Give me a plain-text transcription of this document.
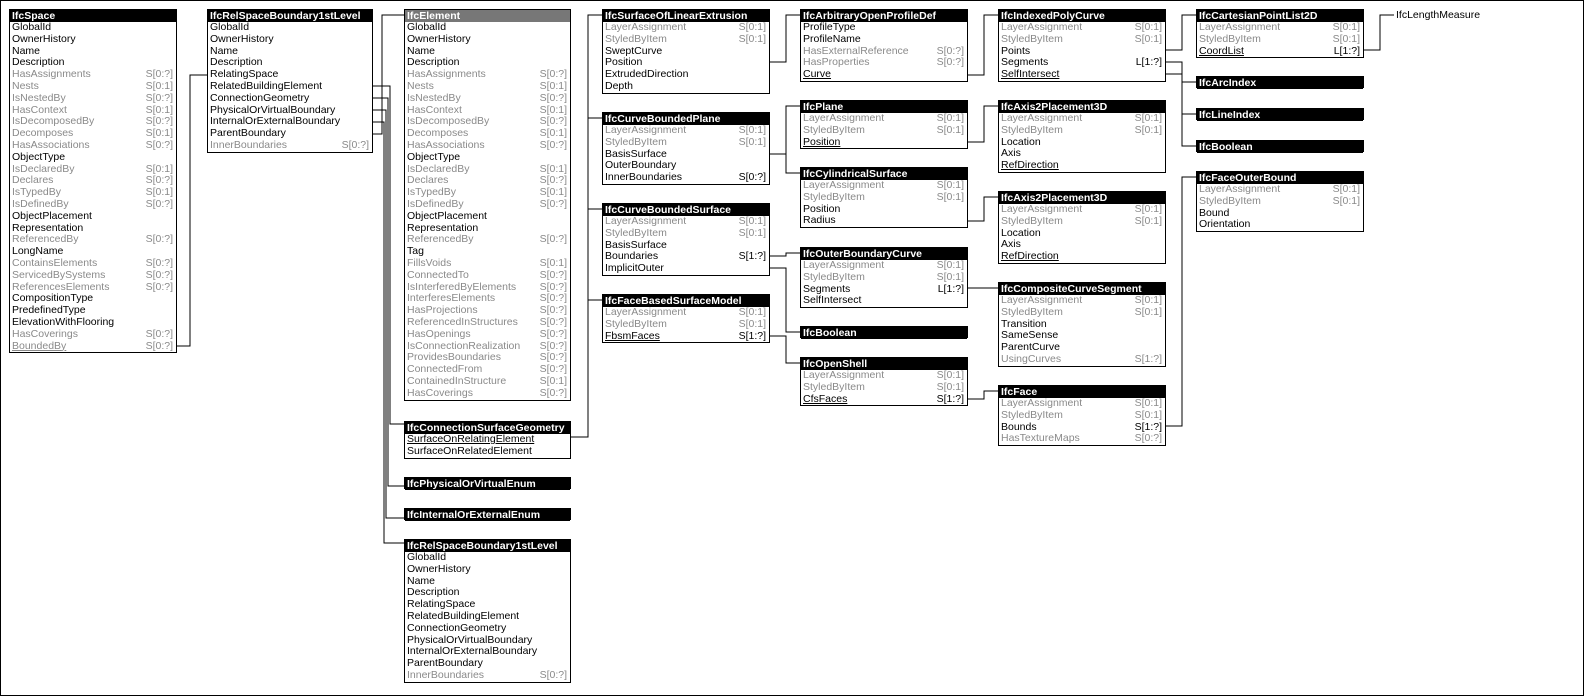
IfcSpace
GlobalId
OwnerHistory
Name
Description
HasAssignments	S[0:?]
Nests	S[0:1]
IsNestedBy	S[0:?]
HasContext	S[0:1]
IsDecomposedBy	S[0:?]
Decomposes	S[0:1]
HasAssociations	S[0:?]
ObjectType
IsDeclaredBy	S[0:1]
Declares	S[0:?]
IsTypedBy	S[0:1]
IsDefinedBy	S[0:?]
ObjectPlacement
Representation
ReferencedBy	S[0:?]
LongName
ContainsElements	S[0:?]
ServicedBySystems	S[0:?]
ReferencesElements	S[0:?]
CompositionType
PredefinedType
ElevationWithFlooring
HasCoverings	S[0:?]
BoundedBy	S[0:?]
IfcRelSpaceBoundary1stLevel
GlobalId
OwnerHistory
Name
Description
RelatingSpace
RelatedBuildingElement
ConnectionGeometry
PhysicalOrVirtualBoundary
InternalOrExternalBoundary
ParentBoundary
InnerBoundaries	S[0:?]
IfcElement
GlobalId
OwnerHistory
Name
Description
HasAssignments	S[0:?]
Nests	S[0:1]
IsNestedBy	S[0:?]
HasContext	S[0:1]
IsDecomposedBy	S[0:?]
Decomposes	S[0:1]
HasAssociations	S[0:?]
ObjectType
IsDeclaredBy	S[0:1]
Declares	S[0:?]
IsTypedBy	S[0:1]
IsDefinedBy	S[0:?]
ObjectPlacement
Representation
ReferencedBy	S[0:?]
Tag
FillsVoids	S[0:1]
ConnectedTo	S[0:?]
IsInterferedByElements S[0:?]
InterferesElements	S[0:?]
HasProjections	S[0:?]
ReferencedInStructures S[0:?]
HasOpenings	S[0:?]
IsConnectionRealization S[0:?]
ProvidesBoundaries	S[0:?]
ConnectedFrom	S[0:?]
ContainedInStructure	S[0:1]
HasCoverings	S[0:?]
IfcConnectionSurfaceGeometry
SurfaceOnRelatingElement
SurfaceOnRelatedElement
IfcPhysicalOrVirtualEnum
IfcInternalOrExternalEnum
IfcRelSpaceBoundary1stLevel
GlobalId
OwnerHistory
Name
Description
RelatingSpace
RelatedBuildingElement
ConnectionGeometry
PhysicalOrVirtualBoundary
InternalOrExternalBoundary
ParentBoundary
InnerBoundaries	S[0:?]
IfcSurfaceOfLinearExtrusion
LayerAssignment	S[0:1]
StyledByItem	S[0:1]
SweptCurve
Position
ExtrudedDirection
Depth
IfcCurveBoundedPlane
LayerAssignment	S[0:1]
StyledByItem	S[0:1]
BasisSurface
OuterBoundary
InnerBoundaries	S[0:?]
IfcCurveBoundedSurface
LayerAssignment	S[0:1]
StyledByItem	S[0:1]
BasisSurface
Boundaries	S[1:?]
ImplicitOuter
IfcFaceBasedSurfaceModel
LayerAssignment	S[0:1]
StyledByItem	S[0:1]
FbsmFaces	S[1:?]
IfcArbitraryOpenProfileDef
ProfileType
ProfileName
HasExternalReference	S[0:?]
HasProperties	S[0:?]
Curve
IfcPlane
LayerAssignment	S[0:1]
StyledByItem	S[0:1]
Position
IfcCylindricalSurface
LayerAssignment	S[0:1]
StyledByItem	S[0:1]
Position
Radius
IfcOuterBoundaryCurve
LayerAssignment	S[0:1]
StyledByItem	S[0:1]
Segments	L[1:?]
SelfIntersect
IfcBoolean
IfcOpenShell
LayerAssignment	S[0:1]
StyledByItem	S[0:1]
CfsFaces	S[1:?]
IfcIndexedPolyCurve
LayerAssignment	S[0:1]
StyledByItem	S[0:1]
Points
Segments	L[1:?]
SelfIntersect
IfcAxis2Placement3D
LayerAssignment	S[0:1]
StyledByItem	S[0:1]
Location
Axis
RefDirection
IfcAxis2Placement3D
LayerAssignment	S[0:1]
StyledByItem	S[0:1]
Location
Axis
RefDirection
IfcCompositeCurveSegment
LayerAssignment	S[0:1]
StyledByItem	S[0:1]
Transition
SameSense
ParentCurve
UsingCurves	S[1:?]
IfcFace
LayerAssignment	S[0:1]
StyledByItem	S[0:1]
Bounds	S[1:?]
HasTextureMaps	S[0:?]
IfcCartesianPointList2D
LayerAssignment	S[0:1]
StyledByItem	S[0:1]
CoordList	L[1:?]
IfcArcIndex
IfcLineIndex
IfcBoolean
IfcFaceOuterBound
LayerAssignment	S[0:1]
StyledByItem	S[0:1]
Bound
Orientation
IfcLengthMeasure
